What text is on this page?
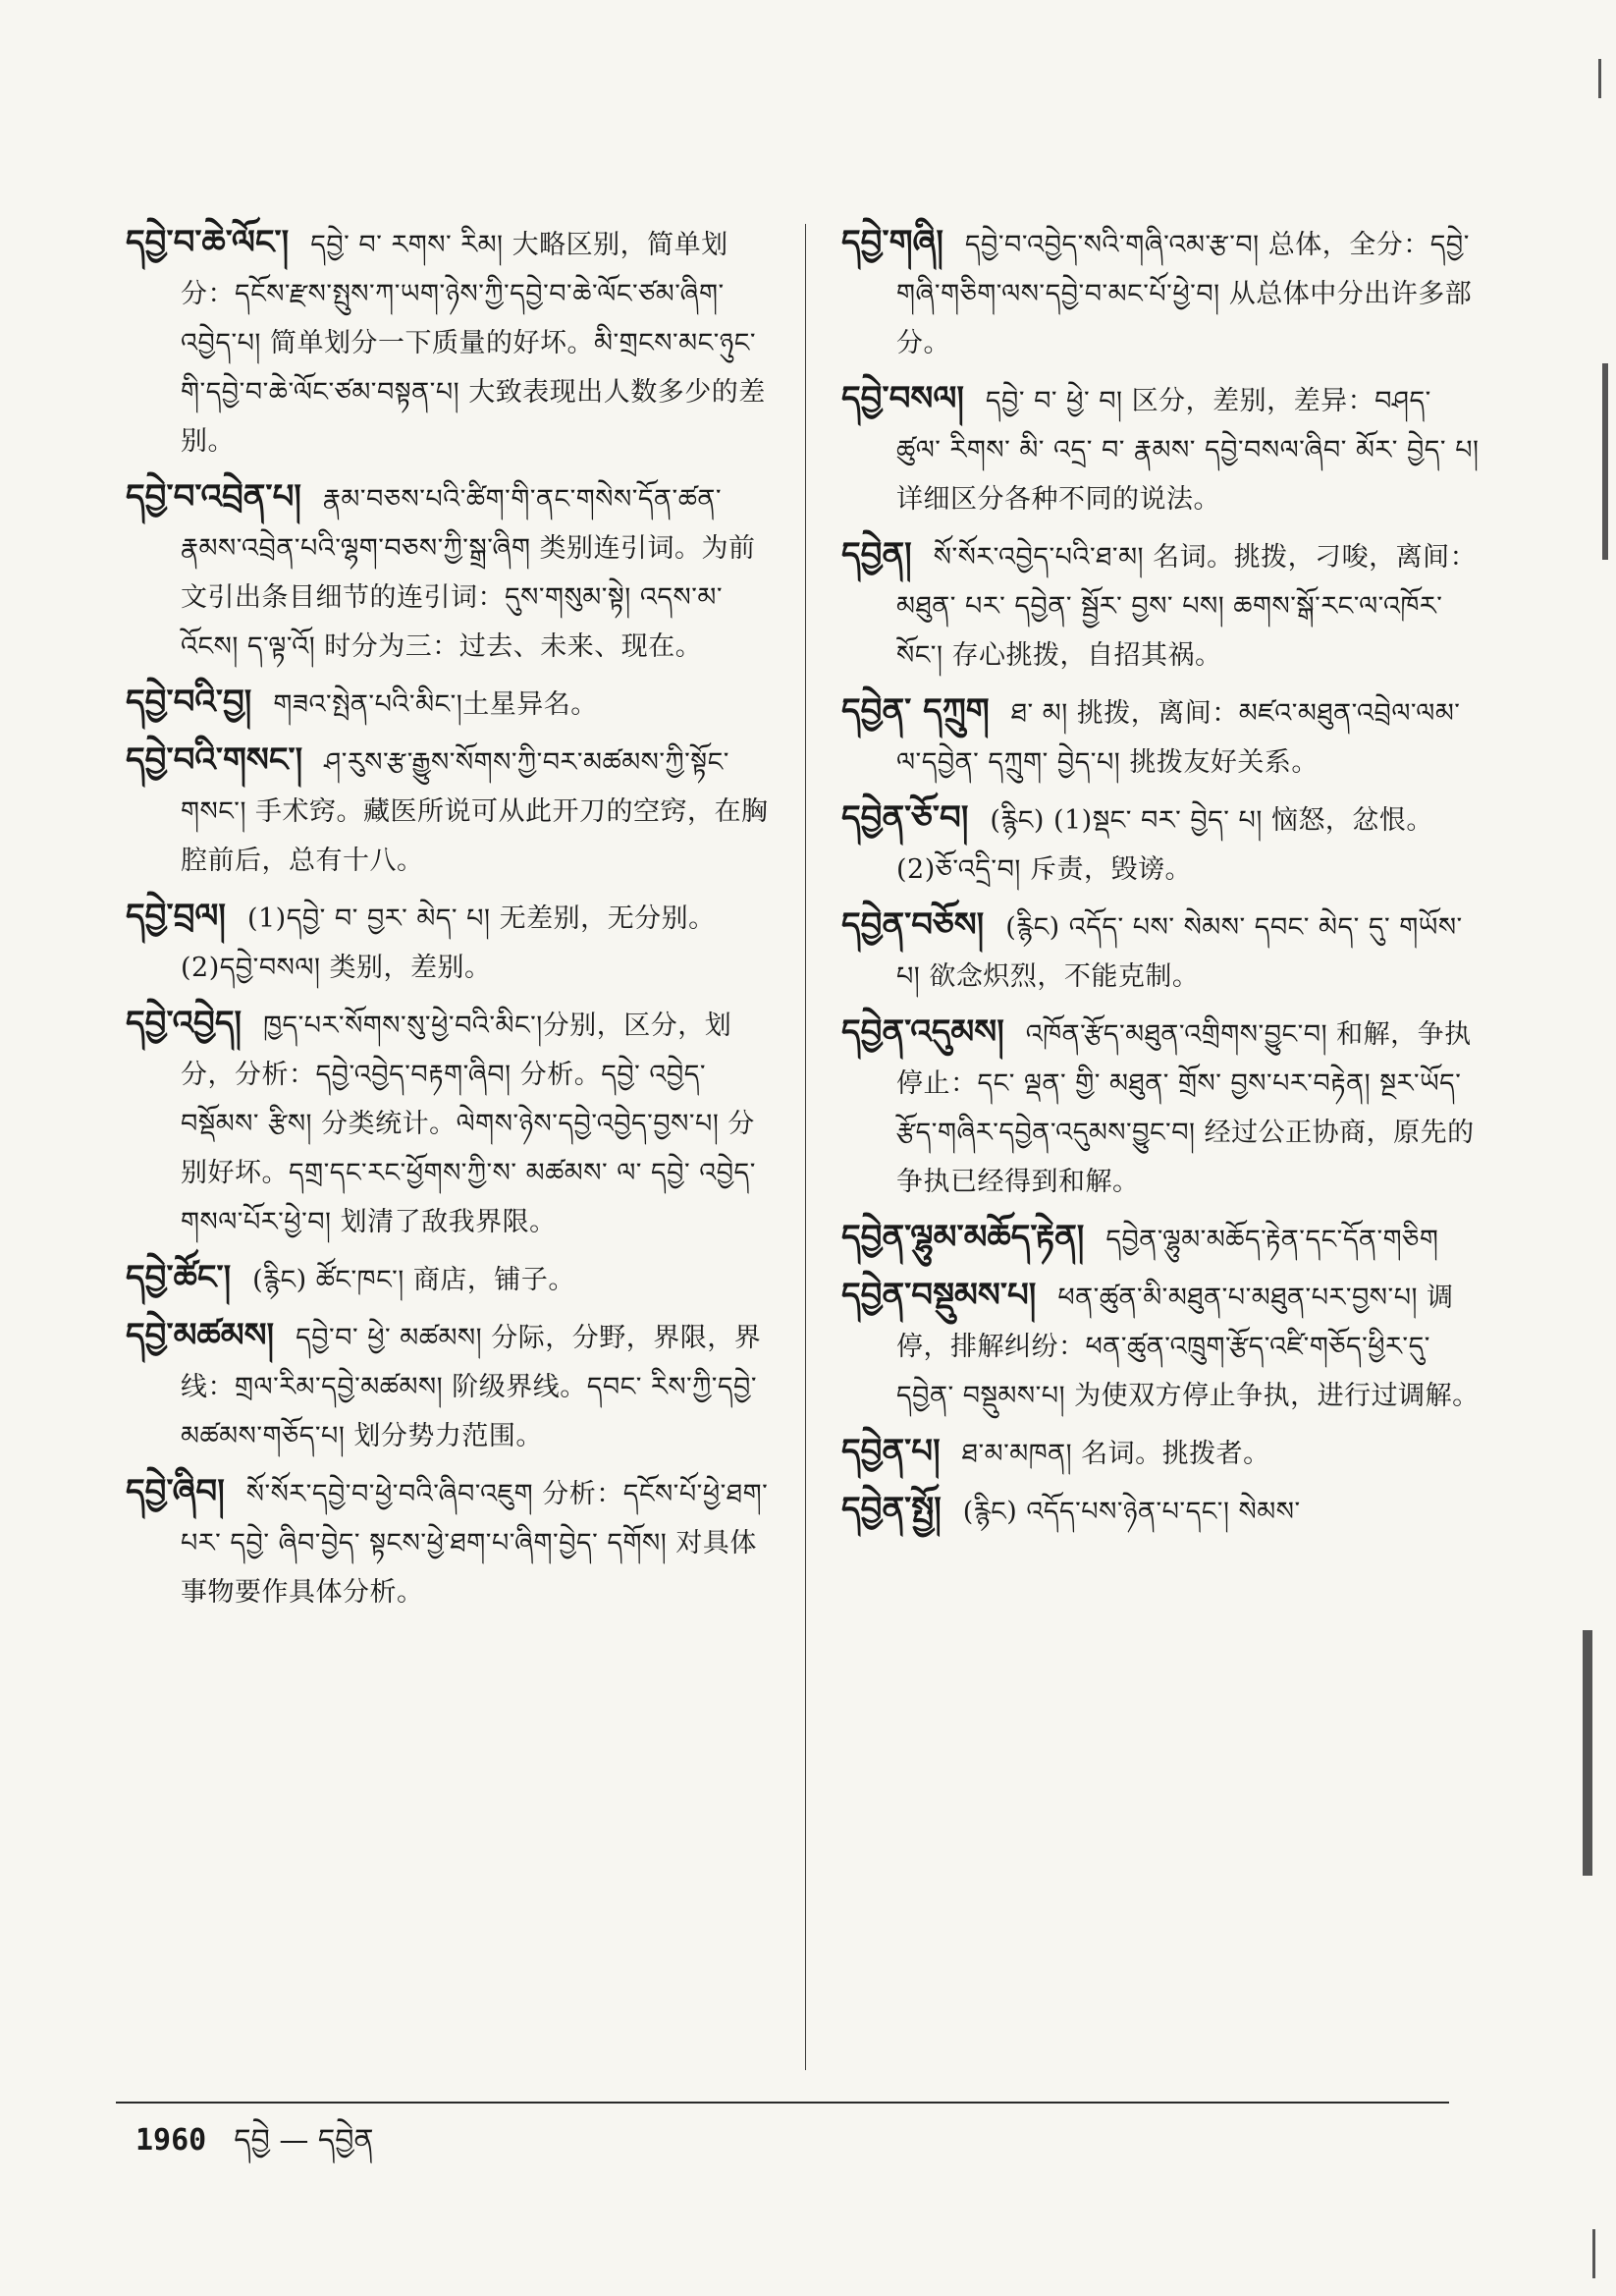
དབྱེ་བ་ཆེ་ལོང་། དབྱེ་ བ་ རགས་ རིམ། 大略区别，简单划分：དངོས་རྫས་སྤུས་ཀ་ཡག་ཉེས་ཀྱི་དབྱེ་བ་ཆེ་ལོང་ཙམ་ཞིག་འབྱེད་པ། 简单划分一下质量的好坏。མི་གྲངས་མང་ཉུང་གི་དབྱེ་བ་ཆེ་ལོང་ཙམ་བསྟན་པ། 大致表现出人数多少的差别。
དབྱེ་བ་འབྲེན་པ། རྣམ་བཅས་པའི་ཚིག་གི་ནང་གསེས་དོན་ཚན་རྣམས་འབྲེན་པའི་ལྷག་བཅས་ཀྱི་སྒྲ་ཞིག 类别连引词。为前文引出条目细节的连引词：དུས་གསུམ་སྟེ། འདས་མ་འོངས། ད་ལྟ་འོ། 时分为三：过去、未来、现在。
དབྱེ་བའི་བྱ། གཟའ་སྤེན་པའི་མིང་།土星异名。
དབྱེ་བའི་གསང་། ཤ་རུས་རྩ་རྒྱུས་སོགས་ཀྱི་བར་མཚམས་ཀྱི་སྟོང་གསང་། 手术窍。藏医所说可从此开刀的空窍，在胸腔前后，总有十八。
དབྱེ་བྲལ། (1)དབྱེ་ བ་ བྱར་ མེད་ པ། 无差别，无分别。(2)དབྱེ་བསལ། 类别，差别。
དབྱེ་འབྱེད། ཁྱད་པར་སོགས་སུ་ཕྱེ་བའི་མིང་།分别，区分，划分，分析：དབྱེ་འབྱེད་བརྟག་ཞིབ། 分析。དབྱེ་ འབྱེད་ བསྡོམས་ རྩིས། 分类统计。ལེགས་ཉེས་དབྱེ་འབྱེད་བྱས་པ། 分别好坏。དགྲ་དང་རང་ཕྱོགས་ཀྱི་ས་ མཚམས་ ལ་ དབྱེ་ འབྱེད་གསལ་པོར་ཕྱེ་བ། 划清了敌我界限。
དབྱེ་ཚོང་། (རྙིང) ཚོང་ཁང་། 商店，铺子。
དབྱེ་མཚམས། དབྱེ་བ་ ཕྱེ་ མཚམས། 分际，分野，界限，界线：གྲལ་རིམ་དབྱེ་མཚམས། 阶级界线。དབང་ རིས་ཀྱི་དབྱེ་མཚམས་གཅོད་པ། 划分势力范围。
དབྱེ་ཞིབ། སོ་སོར་དབྱེ་བ་ཕྱེ་བའི་ཞིབ་འཇུག 分析：དངོས་པོ་ཕྱེ་ཐག་ པར་ དབྱེ་ ཞིབ་བྱེད་ སྟངས་ཕྱེ་ཐག་པ་ཞིག་བྱེད་ དགོས། 对具体事物要作具体分析。
དབྱེ་གཞི། དབྱེ་བ་འབྱེད་སའི་གཞི་འམ་རྩ་བ། 总体，全分：དབྱེ་ གཞི་གཅིག་ལས་དབྱེ་བ་མང་པོ་ཕྱེ་བ། 从总体中分出许多部分。
དབྱེ་བསལ། དབྱེ་ བ་ ཕྱེ་ བ། 区分，差别，差异：བཤད་ ཚུལ་ རིགས་ མི་ འདྲ་ བ་ རྣམས་ དབྱེ་བསལ་ཞིབ་ མོར་ བྱེད་ པ། 详细区分各种不同的说法。
དབྱེན། སོ་སོར་འབྱེད་པའི་ཐ་མ། 名词。挑拨，刁唆，离间：མཐུན་ པར་ དབྱེན་ སྦྱོར་ བྱས་ པས། ཆགས་སྒོ་རང་ལ་འཁོར་ སོང་། 存心挑拨，自招其祸。
དབྱེན་ དཀྲུག ཐ་ མ། 挑拨，离间：མཛའ་མཐུན་འབྲེལ་ལམ་ལ་དབྱེན་ དཀྲུག་ བྱེད་པ། 挑拨友好关系。
དབྱེན་ཅོ་བ། (རྙིང) (1)སྡང་ བར་ བྱེད་ པ། 恼怒，忿恨。(2)ཅོ་འདྲི་བ། 斥责，毁谤。
དབྱེན་བཅོས། (རྙིང) འདོད་ པས་ སེམས་ དབང་ མེད་ དུ་ གཡོས་ པ། 欲念炽烈，不能克制。
དབྱེན་འདུམས། འཁོན་རྩོད་མཐུན་འགྲིགས་བྱུང་བ། 和解，争执停止：དང་ ལྡན་ གྱི་ མཐུན་ གྲོས་ བྱས་པར་བརྟེན། སྔར་ཡོད་རྩོད་གཞིར་དབྱེན་འདུམས་བྱུང་བ། 经过公正协商，原先的争执已经得到和解。
དབྱེན་ལྷུམ་མཆོད་རྟེན། དབྱེན་ལྷུམ་མཆོད་རྟེན་དང་དོན་གཅིག
དབྱེན་བསྡུམས་པ། ཕན་ཚུན་མི་མཐུན་པ་མཐུན་པར་བྱས་པ། 调停，排解纠纷：ཕན་ཚུན་འཁྲུག་རྩོད་འཛི་གཅོད་ཕྱིར་དུ་དབྱེན་ བསྡུམས་པ། 为使双方停止争执，进行过调解。
དབྱེན་པ། ཐ་མ་མཁན། 名词。挑拨者。
དབྱེན་སྤྱོ། (རྙིང) འདོད་པས་ཉེན་པ་དང་། སེམས་
1960 དབྱེ — དབྱེན
